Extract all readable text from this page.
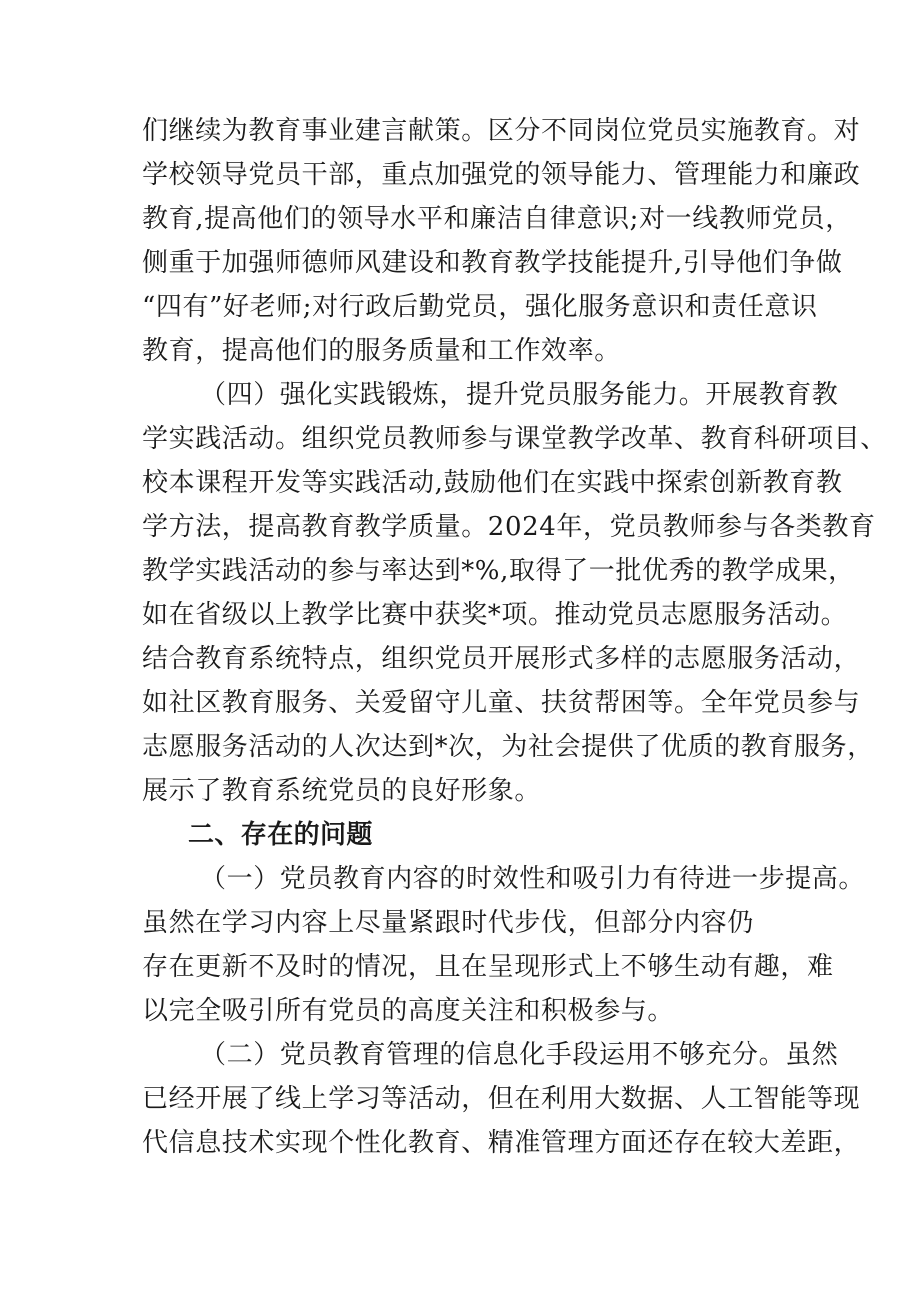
们继续为教育事业建言献策。区分不同岗位党员实施教育。对
学校领导党员干部，重点加强党的领导能力、管理能力和廉政
教育,提高他们的领导水平和廉洁自律意识;对一线教师党员，
侧重于加强师德师风建设和教育教学技能提升,引导他们争做
“四有”好老师;对行政后勤党员，强化服务意识和责任意识
教育，提高他们的服务质量和工作效率。
（四）强化实践锻炼，提升党员服务能力。开展教育教
学实践活动。组织党员教师参与课堂教学改革、教育科研项目、
校本课程开发等实践活动,鼓励他们在实践中探索创新教育教
学方法，提高教育教学质量。2024年，党员教师参与各类教育
教学实践活动的参与率达到*%,取得了一批优秀的教学成果，
如在省级以上教学比赛中获奖*项。推动党员志愿服务活动。
结合教育系统特点，组织党员开展形式多样的志愿服务活动，
如社区教育服务、关爱留守儿童、扶贫帮困等。全年党员参与
志愿服务活动的人次达到*次，为社会提供了优质的教育服务，
展示了教育系统党员的良好形象。
二、存在的问题
（一）党员教育内容的时效性和吸引力有待进一步提高。
虽然在学习内容上尽量紧跟时代步伐，但部分内容仍
存在更新不及时的情况，且在呈现形式上不够生动有趣，难
以完全吸引所有党员的高度关注和积极参与。
（二）党员教育管理的信息化手段运用不够充分。虽然
已经开展了线上学习等活动，但在利用大数据、人工智能等现
代信息技术实现个性化教育、精准管理方面还存在较大差距，
